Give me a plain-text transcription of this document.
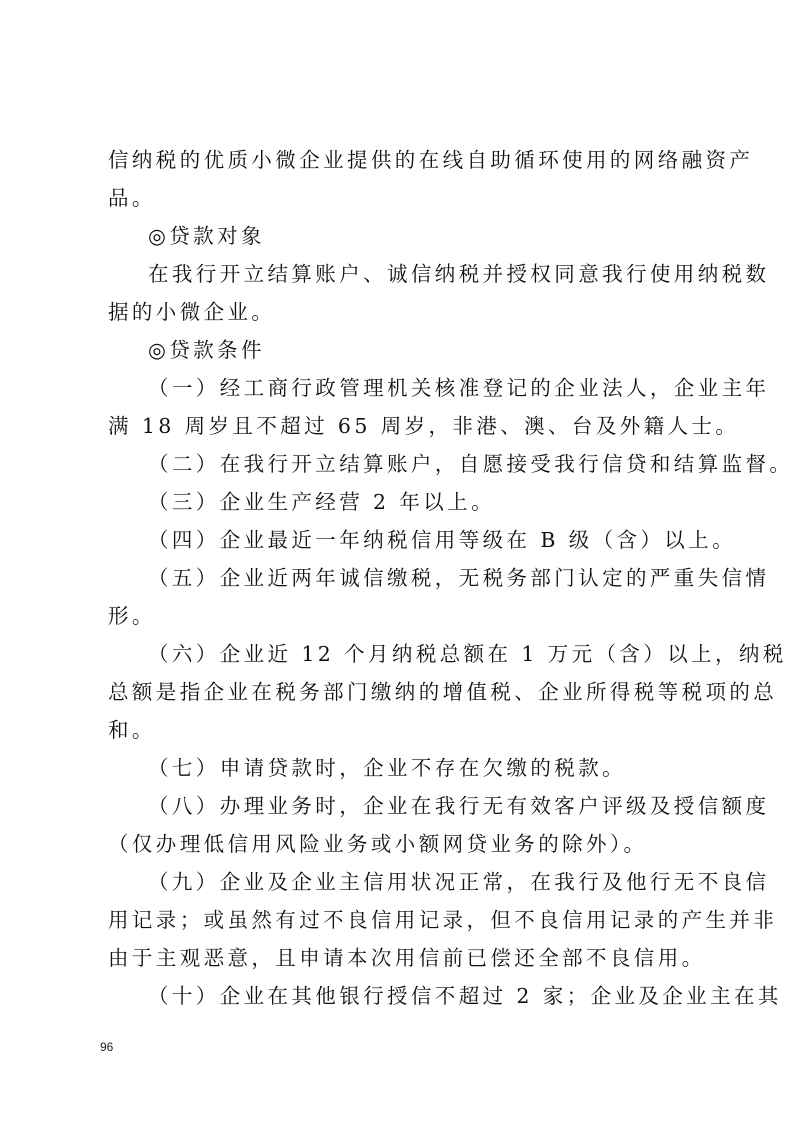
信纳税的优质小微企业提供的在线自助循环使用的网络融资产
品。
◎贷款对象
在我行开立结算账户、诚信纳税并授权同意我行使用纳税数
据的小微企业。
◎贷款条件
（一）经工商行政管理机关核准登记的企业法人，企业主年
满 18 周岁且不超过 65 周岁，非港、澳、台及外籍人士。
（二）在我行开立结算账户，自愿接受我行信贷和结算监督。
（三）企业生产经营 2 年以上。
（四）企业最近一年纳税信用等级在 B 级（含）以上。
（五）企业近两年诚信缴税，无税务部门认定的严重失信情
形。
（六）企业近 12 个月纳税总额在 1 万元（含）以上，纳税
总额是指企业在税务部门缴纳的增值税、企业所得税等税项的总
和。
（七）申请贷款时，企业不存在欠缴的税款。
（八）办理业务时，企业在我行无有效客户评级及授信额度
（仅办理低信用风险业务或小额网贷业务的除外）。
（九）企业及企业主信用状况正常，在我行及他行无不良信
用记录；或虽然有过不良信用记录，但不良信用记录的产生并非
由于主观恶意，且申请本次用信前已偿还全部不良信用。
（十）企业在其他银行授信不超过 2 家；企业及企业主在其
96
